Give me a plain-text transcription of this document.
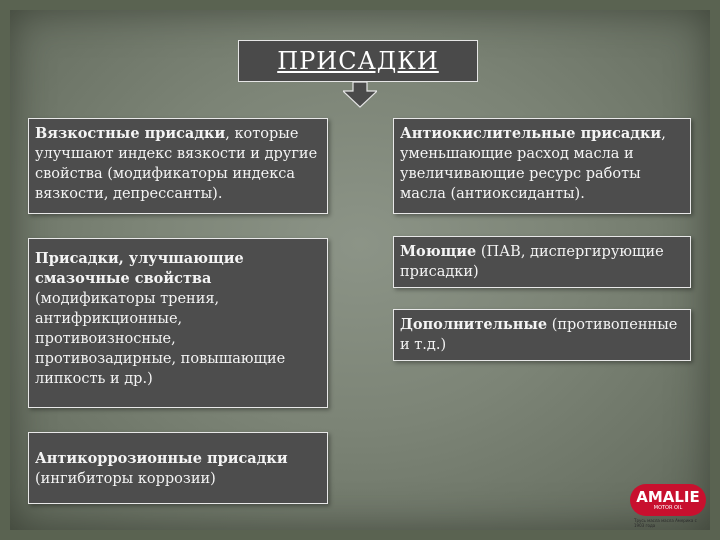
ПРИСАДКИ
Вязкостные присадки, которые улучшают индекс вязкости и другие свойства (модификаторы индекса вязкости, депрессанты).
Антиокислительные присадки, уменьшающие расход масла и увеличивающие ресурс работы масла (антиоксиданты).
Присадки, улучшающие смазочные свойства (модификаторы трения, антифрикционные, противоизносные, противозадирные, повышающие липкость и др.)
Моющие (ПАВ, диспергирующие присадки)
Дополнительные (противопенные и т.д.)
Антикоррозионные присадки (ингибиторы коррозии)
AMALIE
MOTOR OIL
Трусь масла масла Америка с 1903 года
